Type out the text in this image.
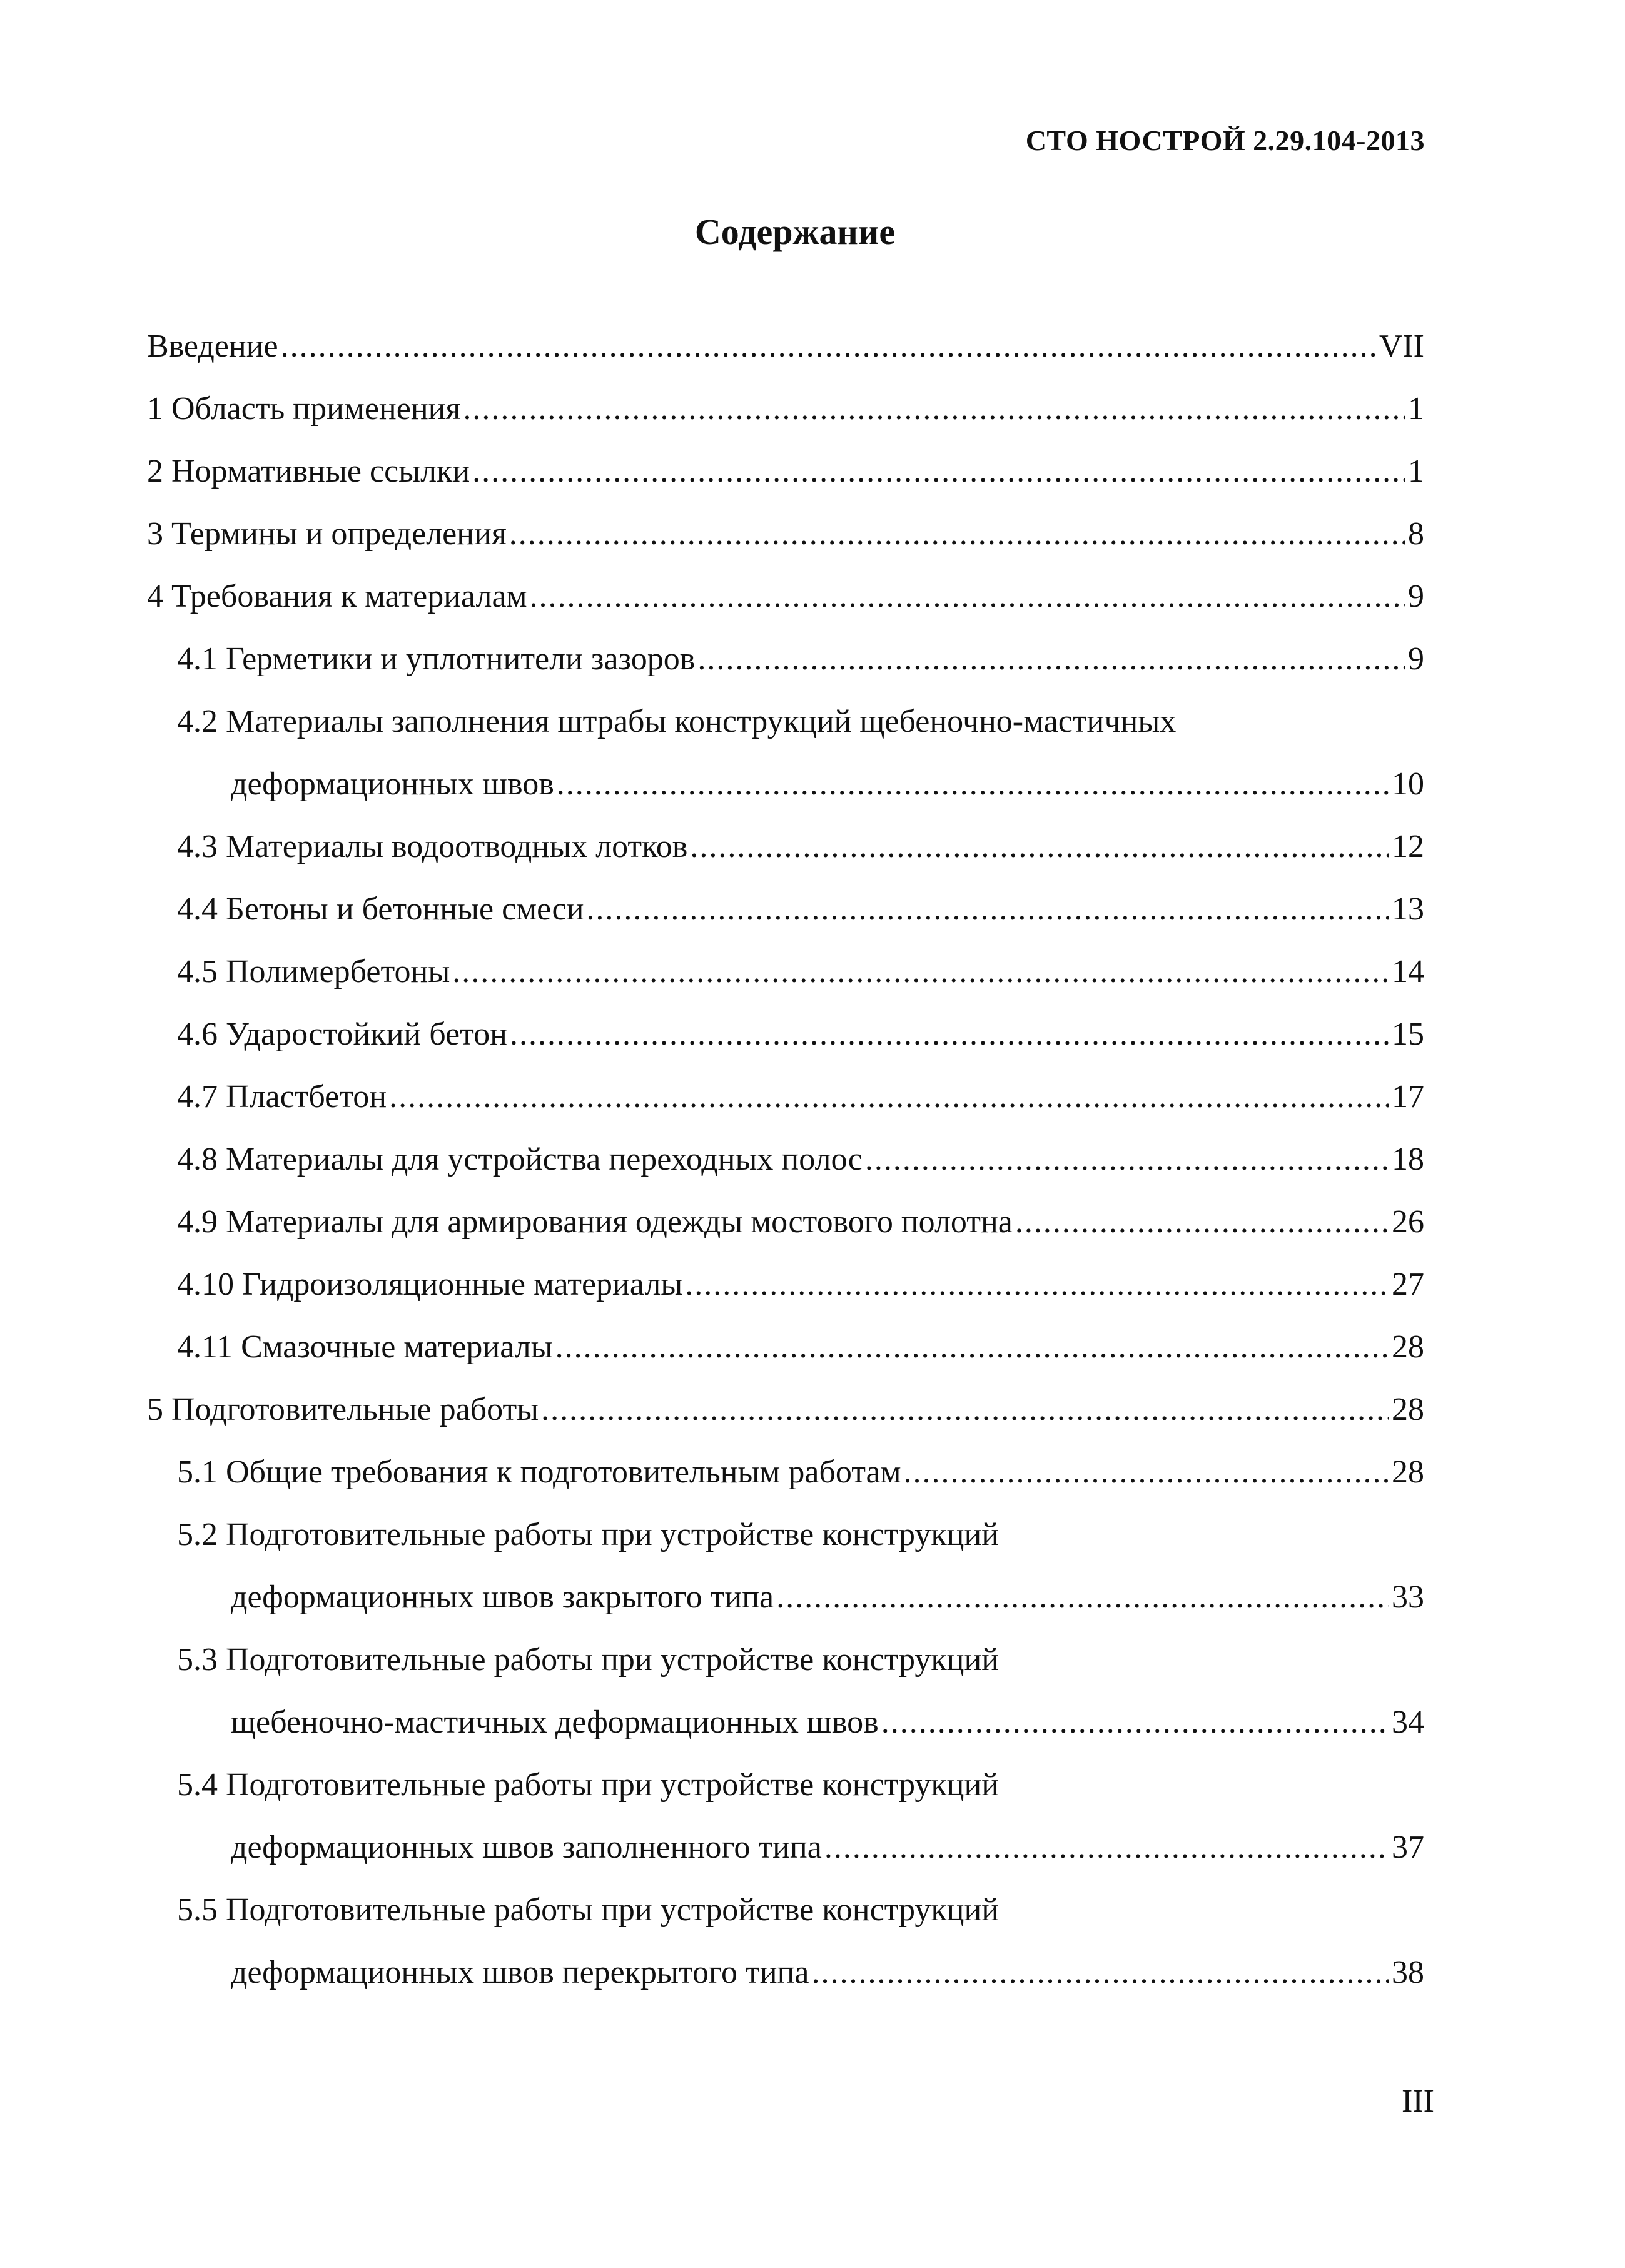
СТО НОСТРОЙ 2.29.104-2013
Содержание
Введение .....	VII
1 Область применения .....	1
2 Нормативные ссылки .....	1
3 Термины и определения .....	8
4 Требования к материалам .....	9
4.1 Герметики и уплотнители зазоров .....	9
4.2 Материалы заполнения штрабы конструкций щебеночно-мастичных
деформационных швов .....	10
4.3 Материалы водоотводных лотков .....	12
4.4 Бетоны и бетонные смеси .....	13
4.5 Полимербетоны .....	14
4.6 Ударостойкий бетон .....	15
4.7 Пластбетон .....	17
4.8 Материалы для устройства переходных полос .....	18
4.9 Материалы для армирования одежды мостового полотна .....	26
4.10 Гидроизоляционные материалы .....	27
4.11 Смазочные материалы .....	28
5 Подготовительные работы .....	28
5.1 Общие требования к подготовительным работам .....	28
5.2 Подготовительные работы при устройстве конструкций
деформационных швов закрытого типа .....	33
5.3 Подготовительные работы при устройстве конструкций
щебеночно-мастичных деформационных швов .....	34
5.4 Подготовительные работы при устройстве конструкций
деформационных швов заполненного типа .....	37
5.5 Подготовительные работы при устройстве конструкций
деформационных швов перекрытого типа .....	38
III
